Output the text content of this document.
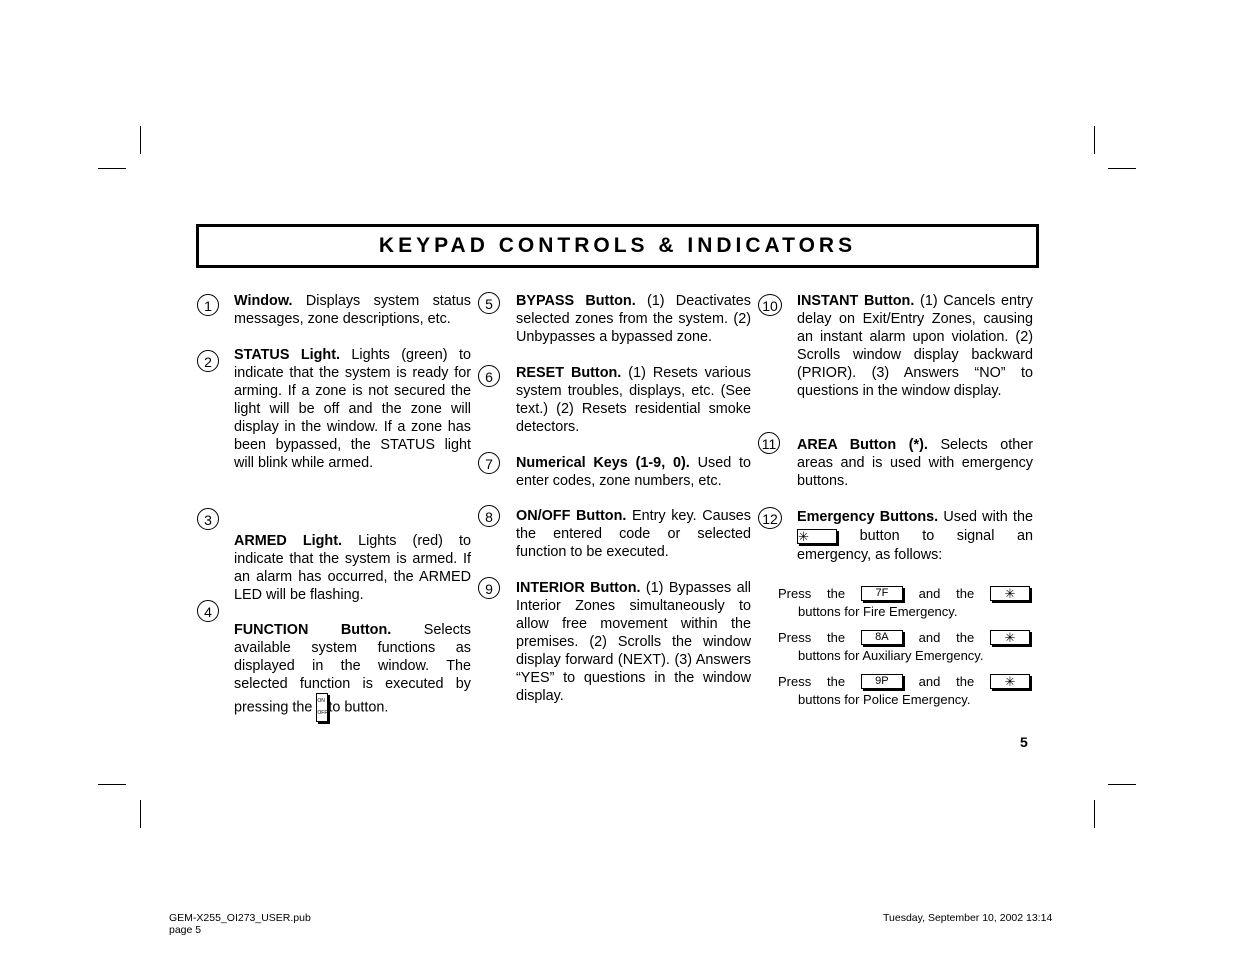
KEYPAD CONTROLS & INDICATORS
1
2
3
4
5
6
7
8
9
10
11
12
Window. Displays system status messages, zone descriptions, etc.
STATUS Light. Lights (green) to indicate that the system is ready for arming. If a zone is not secured the light will be off and the zone will display in the window. If a zone has been bypassed, the STATUS light will blink while armed.
ARMED Light. Lights (red) to indicate that the system is armed. If an alarm has occurred, the ARMED LED will be flashing.
FUNCTION Button. Selects available system functions as displayed in the window. The selected function is executed by pressing the ON
OFF to button.
BYPASS Button. (1) Deactivates selected zones from the system. (2) Unbypasses a bypassed zone.
RESET Button. (1) Resets various system troubles, displays, etc. (See text.) (2) Resets residential smoke detectors.
Numerical Keys (1-9, 0). Used to enter codes, zone numbers, etc.
ON/OFF Button. Entry key. Causes the entered code or selected function to be executed.
INTERIOR Button. (1) Bypasses all Interior Zones simultaneously to allow free movement within the premises. (2) Scrolls the window display forward (NEXT). (3) Answers “YES” to questions in the window display.
INSTANT Button. (1) Cancels entry delay on Exit/Entry Zones, causing an instant alarm upon violation. (2) Scrolls window display backward (PRIOR). (3) Answers “NO” to questions in the window display.
AREA Button (*). Selects other areas and is used with emergency buttons.
Emergency Buttons. Used with the ✳ button to signal an emergency, as follows:
Press the	7F	and the	✳
buttons for Fire Emergency.
Press the	8A	and the	✳
buttons for Auxiliary Emergency.
Press the	9P	and the	✳
buttons for Police Emergency.
5
GEM-X255_OI273_USER.pub
page 5
Tuesday, September 10, 2002 13:14
